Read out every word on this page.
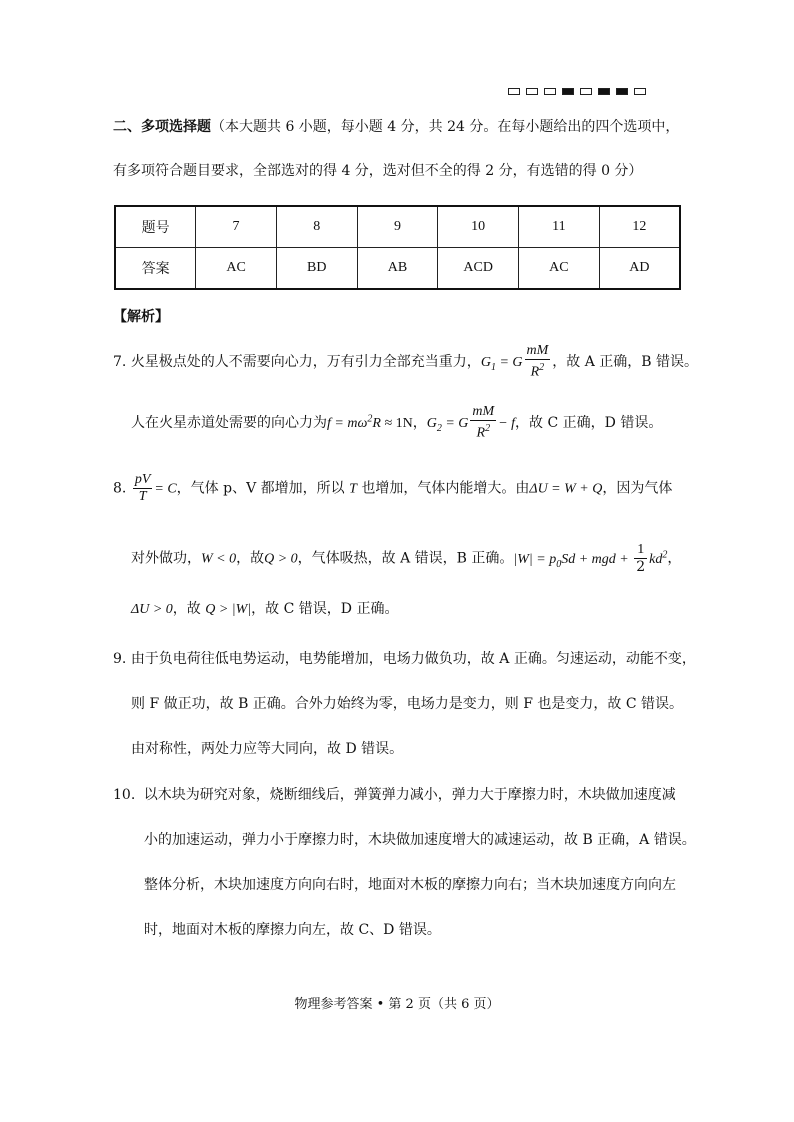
二、多项选择题（本大题共 6 小题，每小题 4 分，共 24 分。在每小题给出的四个选项中，
有多项符合题目要求，全部选对的得 4 分，选对但不全的得 2 分，有选错的得 0 分）
题号	7	8	9	10	11	12
答案	AC	BD	AB	ACD	AC	AD
【解析】
7. 火星极点处的人不需要向心力，万有引力全部充当重力，$G_1 = G \frac{mM}{R^2}$ ，故 A 正确，B 错误。
人在火星赤道处需要的向心力为$f = m\omega^2R \approx 1N$，$G_2 = G \frac{mM}{R^2} - f$，故 C 正确，D 错误。
8. $\frac{pV}{T} = C$，气体 p、V 都增加，所以 T 也增加，气体内能增大。由ΔU = W + Q，因为气体
对外做功，W < 0，故Q > 0，气体吸热，故 A 错误，B 正确。$|W| = p_0Sd$ + mgd + $\frac{1}{2} kd^2$，
ΔU > 0，故 Q > |W|，故 C 错误，D 正确。
9. 由于负电荷往低电势运动，电势能增加，电场力做负功，故 A 正确。匀速运动，动能不变，
则 F 做正功，故 B 正确。合外力始终为零，电场力是变力，则 F 也是变力，故 C 错误。
由对称性，两处力应等大同向，故 D 错误。
10. 以木块为研究对象，烧断细线后，弹簧弹力减小，弹力大于摩擦力时，木块做加速度减
小的加速运动，弹力小于摩擦力时，木块做加速度增大的减速运动，故 B 正确，A 错误。
整体分析，木块加速度方向向右时，地面对木板的摩擦力向右；当木块加速度方向向左
时，地面对木板的摩擦力向左，故 C、D 错误。
物理参考答案 • 第 2 页（共 6 页）
